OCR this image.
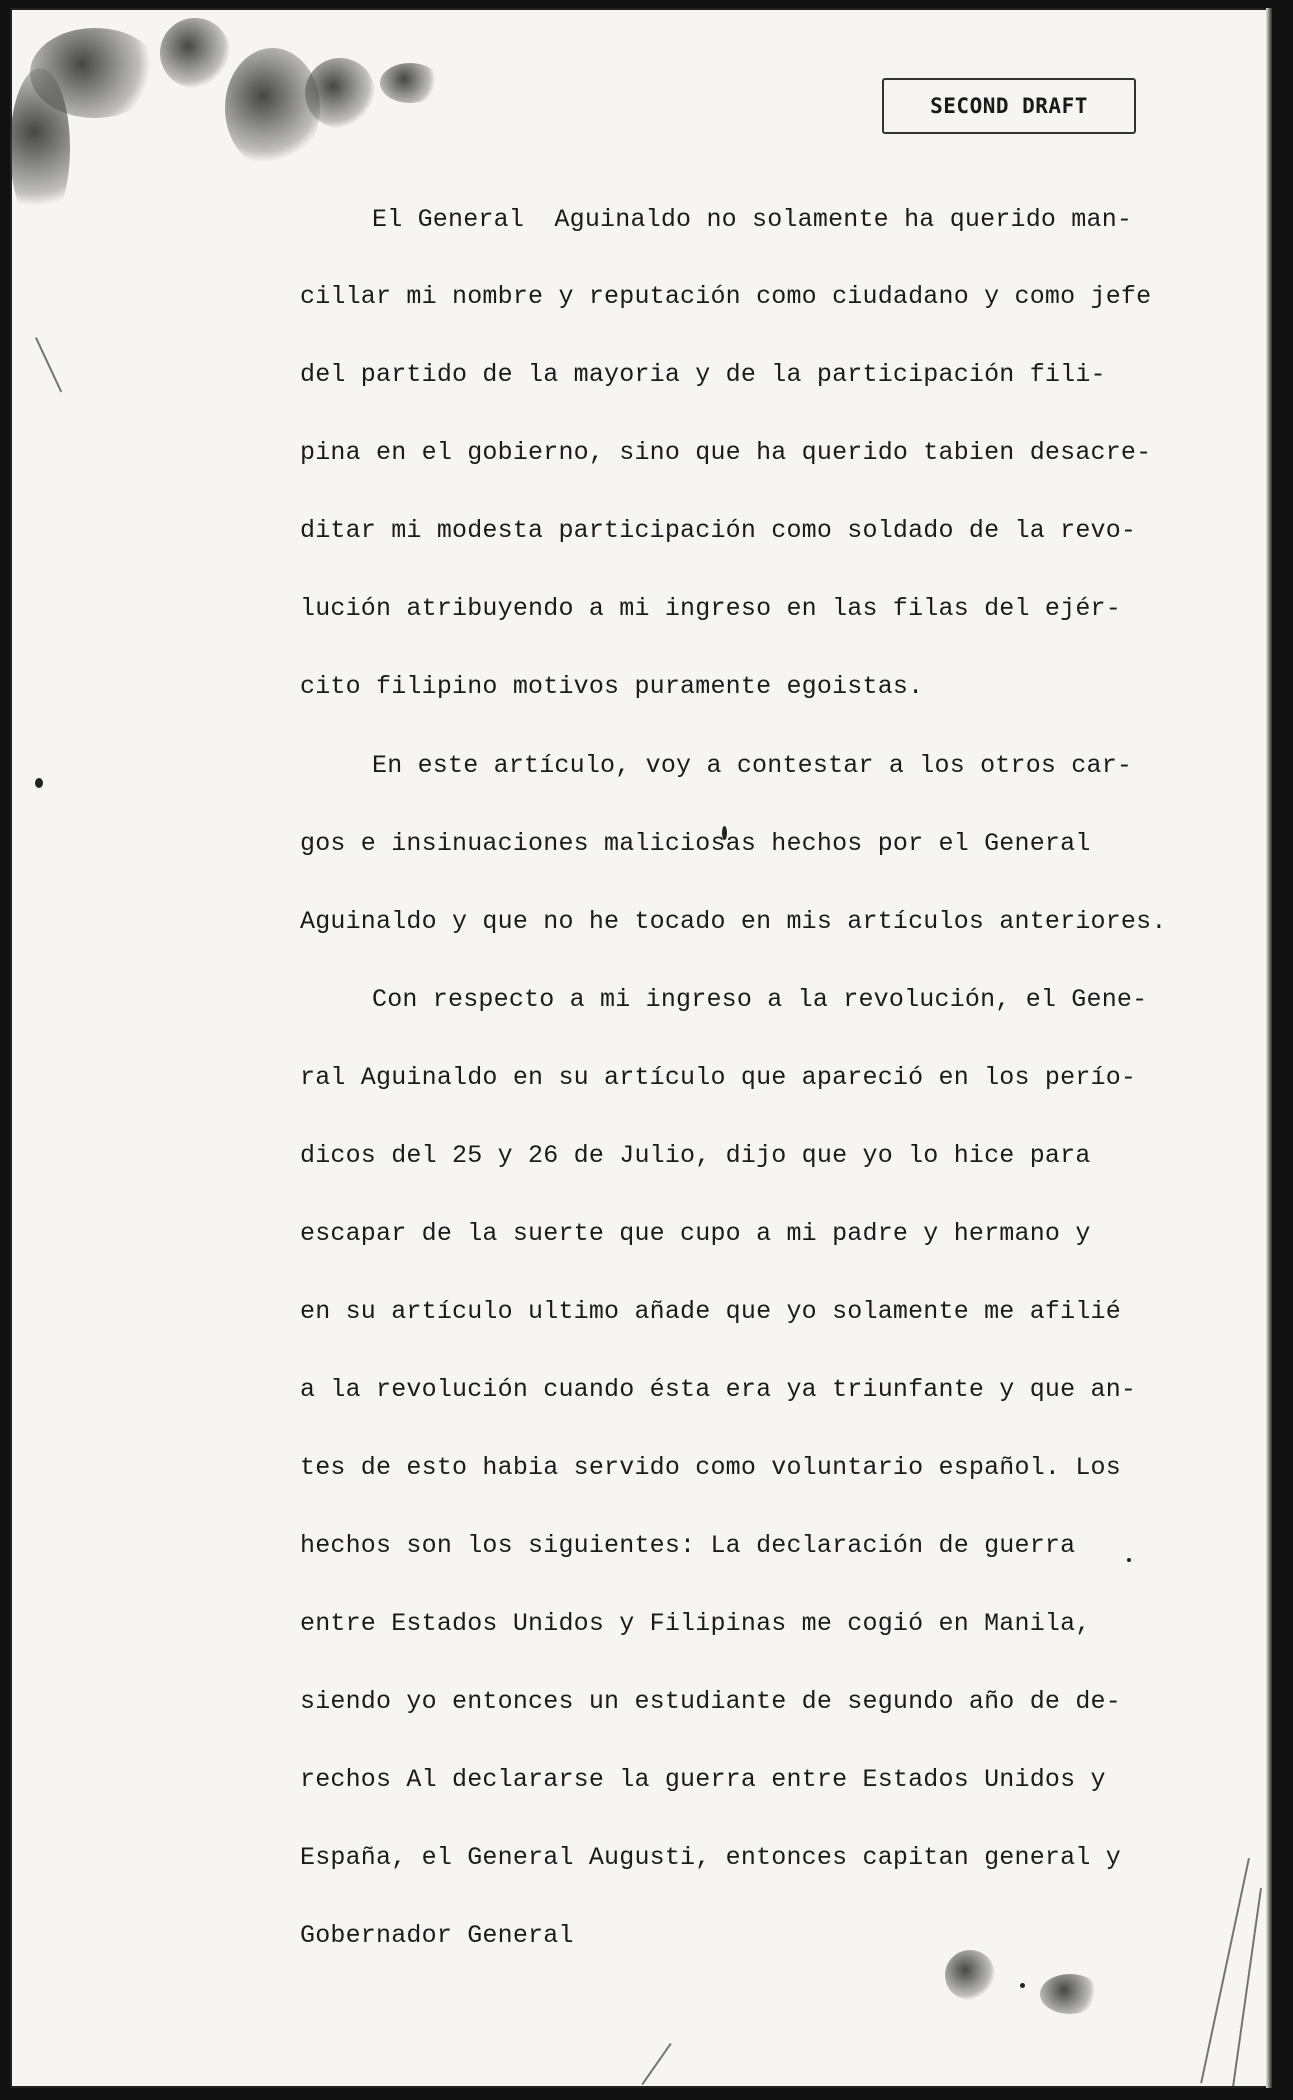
SECOND DRAFT
El General  Aguinaldo no solamente ha querido man-
cillar mi nombre y reputación como ciudadano y como jefe
del partido de la mayoria y de la participación fili-
pina en el gobierno, sino que ha querido tabien desacre-
ditar mi modesta participación como soldado de la revo-
lución atribuyendo a mi ingreso en las filas del ejér-
cito filipino motivos puramente egoistas.
En este artículo, voy a contestar a los otros car-
gos e insinuaciones maliciosas hechos por el General
Aguinaldo y que no he tocado en mis artículos anteriores.
Con respecto a mi ingreso a la revolución, el Gene-
ral Aguinaldo en su artículo que apareció en los perío-
dicos del 25 y 26 de Julio, dijo que yo lo hice para
escapar de la suerte que cupo a mi padre y hermano y
en su artículo ultimo añade que yo solamente me afilié
a la revolución cuando ésta era ya triunfante y que an-
tes de esto habia servido como voluntario español. Los
hechos son los siguientes: La declaración de guerra
entre Estados Unidos y Filipinas me cogió en Manila,
siendo yo entonces un estudiante de segundo año de de-
rechos Al declararse la guerra entre Estados Unidos y
España, el General Augusti, entonces capitan general y
Gobernador General
